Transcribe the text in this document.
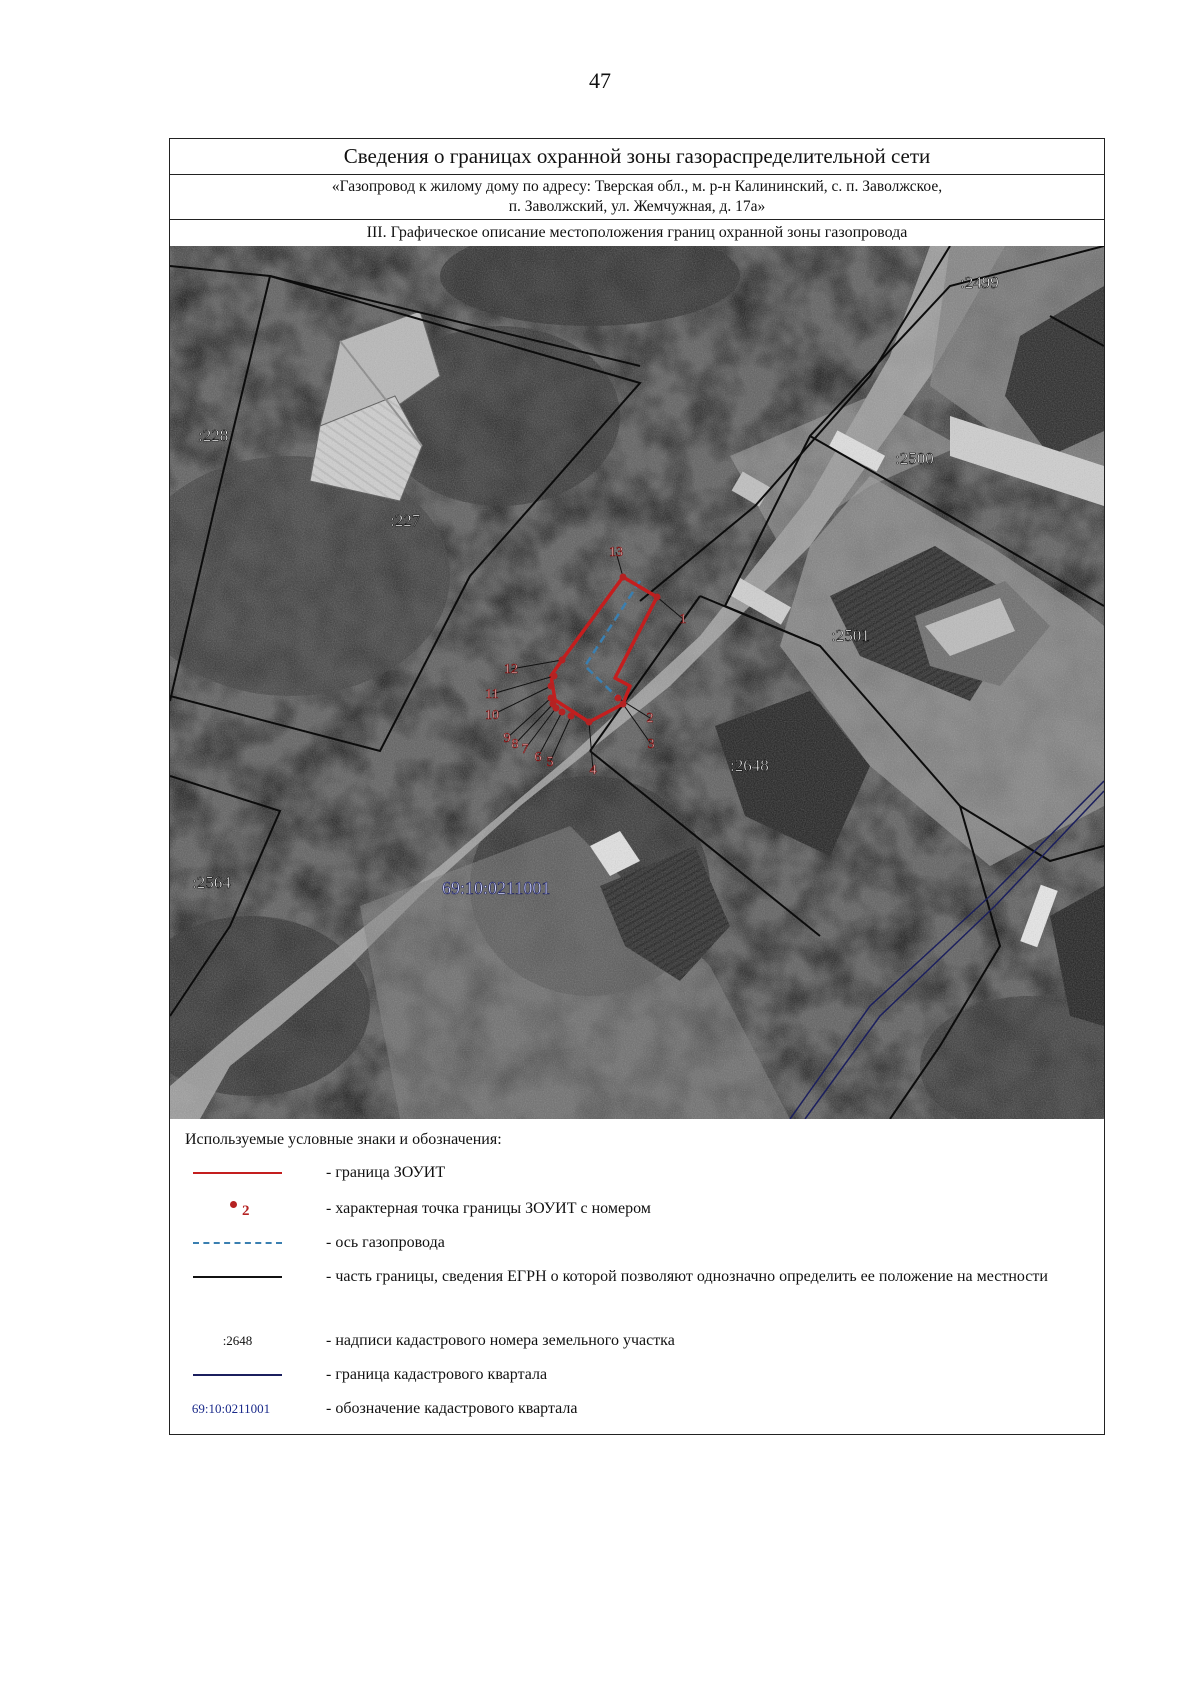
47
Сведения о границах охранной зоны газораспределительной сети
«Газопровод к жилому дому по адресу: Тверская обл., м. р-н Калининский, с. п. Заволжское,
п. Заволжский, ул. Жемчужная, д. 17а»
III. Графическое описание местоположения границ охранной зоны газопровода
1
2
3
4
5
6
7
8
9
10
11
12
13
:2499
:228
:2500
:227
:2501
:2648
:2564	69:10:0211001
Используемые условные знаки и обозначения:
- граница ЗОУИТ
2	- характерная точка границы ЗОУИТ с номером
- ось газопровода
- часть границы, сведения ЕГРН о которой позволяют однозначно определить ее положение на местности
:2648	- надписи кадастрового номера земельного участка
- граница кадастрового квартала
69:10:0211001	- обозначение кадастрового квартала
